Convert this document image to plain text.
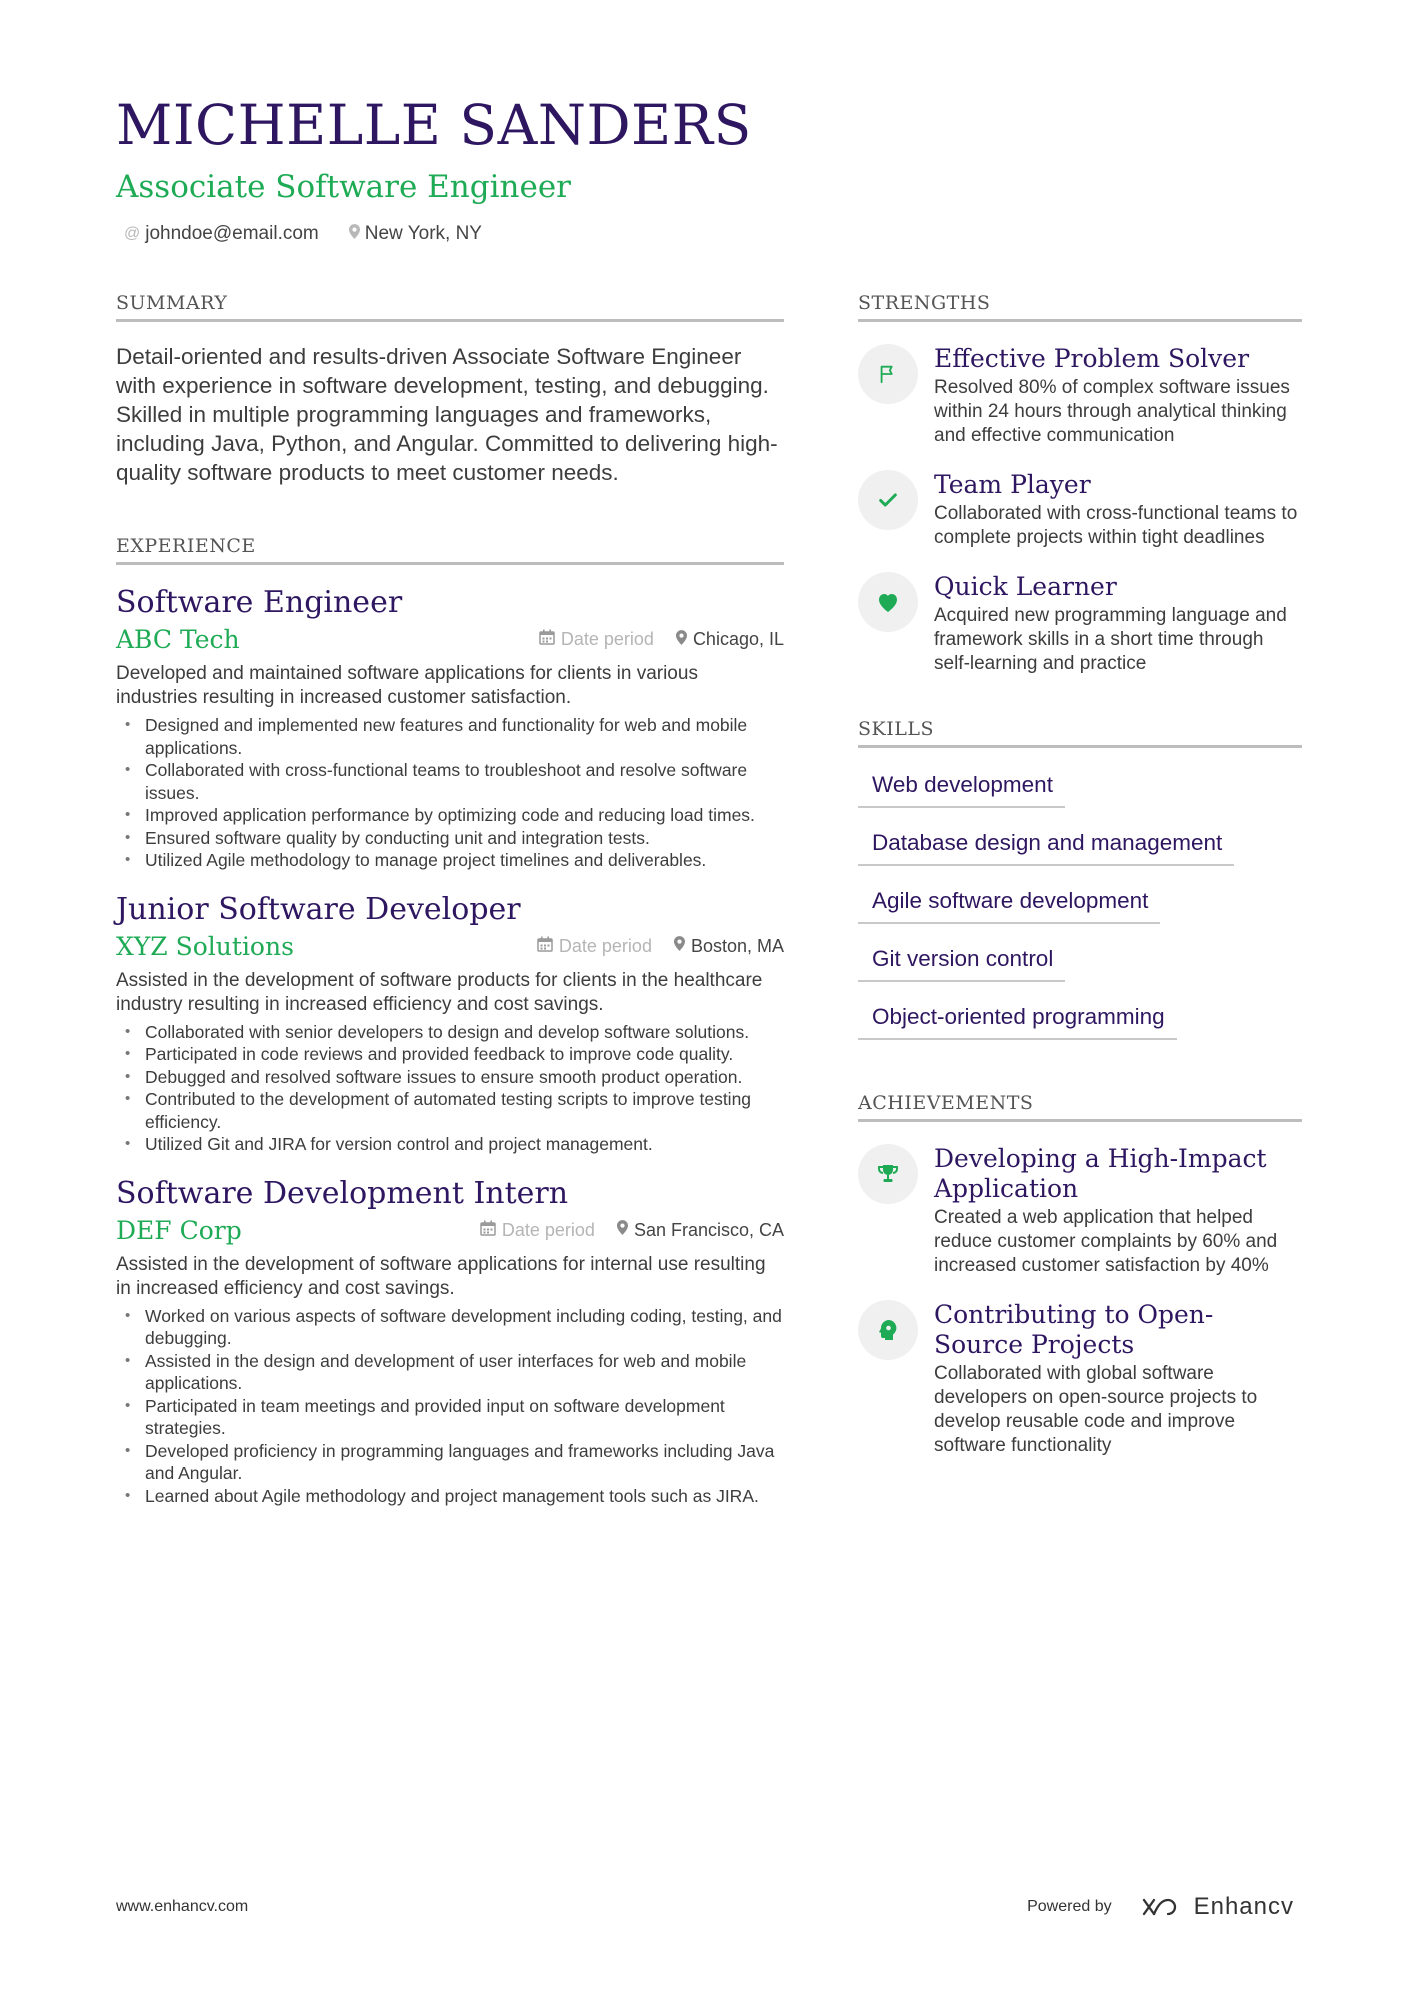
MICHELLE SANDERS
Associate Software Engineer
@ johndoe@email.com New York, NY
SUMMARY
Detail-oriented and results-driven Associate Software Engineer with experience in software development, testing, and debugging. Skilled in multiple programming languages and frameworks, including Java, Python, and Angular. Committed to delivering high-quality software products to meet customer needs.
EXPERIENCE
Software Engineer
ABC Tech	Date period Chicago, IL
Developed and maintained software applications for clients in various industries resulting in increased customer satisfaction.
• Designed and implemented new features and functionality for web and mobile applications.
• Collaborated with cross-functional teams to troubleshoot and resolve software issues.
• Improved application performance by optimizing code and reducing load times.
• Ensured software quality by conducting unit and integration tests.
• Utilized Agile methodology to manage project timelines and deliverables.
Junior Software Developer
XYZ Solutions	Date period Boston, MA
Assisted in the development of software products for clients in the healthcare industry resulting in increased efficiency and cost savings.
• Collaborated with senior developers to design and develop software solutions.
• Participated in code reviews and provided feedback to improve code quality.
• Debugged and resolved software issues to ensure smooth product operation.
• Contributed to the development of automated testing scripts to improve testing efficiency.
• Utilized Git and JIRA for version control and project management.
Software Development Intern
DEF Corp	Date period San Francisco, CA
Assisted in the development of software applications for internal use resulting in increased efficiency and cost savings.
• Worked on various aspects of software development including coding, testing, and debugging.
• Assisted in the design and development of user interfaces for web and mobile applications.
• Participated in team meetings and provided input on software development strategies.
• Developed proficiency in programming languages and frameworks including Java and Angular.
• Learned about Agile methodology and project management tools such as JIRA.
STRENGTHS
Effective Problem Solver
Resolved 80% of complex software issues within 24 hours through analytical thinking and effective communication
Team Player
Collaborated with cross-functional teams to complete projects within tight deadlines
Quick Learner
Acquired new programming language and framework skills in a short time through self-learning and practice
SKILLS
Web development
Database design and management
Agile software development
Git version control
Object-oriented programming
ACHIEVEMENTS
Developing a High-Impact Application
Created a web application that helped reduce customer complaints by 60% and increased customer satisfaction by 40%
Contributing to Open-Source Projects
Collaborated with global software developers on open-source projects to develop reusable code and improve software functionality
www.enhancv.com	Powered by	Enhancv
